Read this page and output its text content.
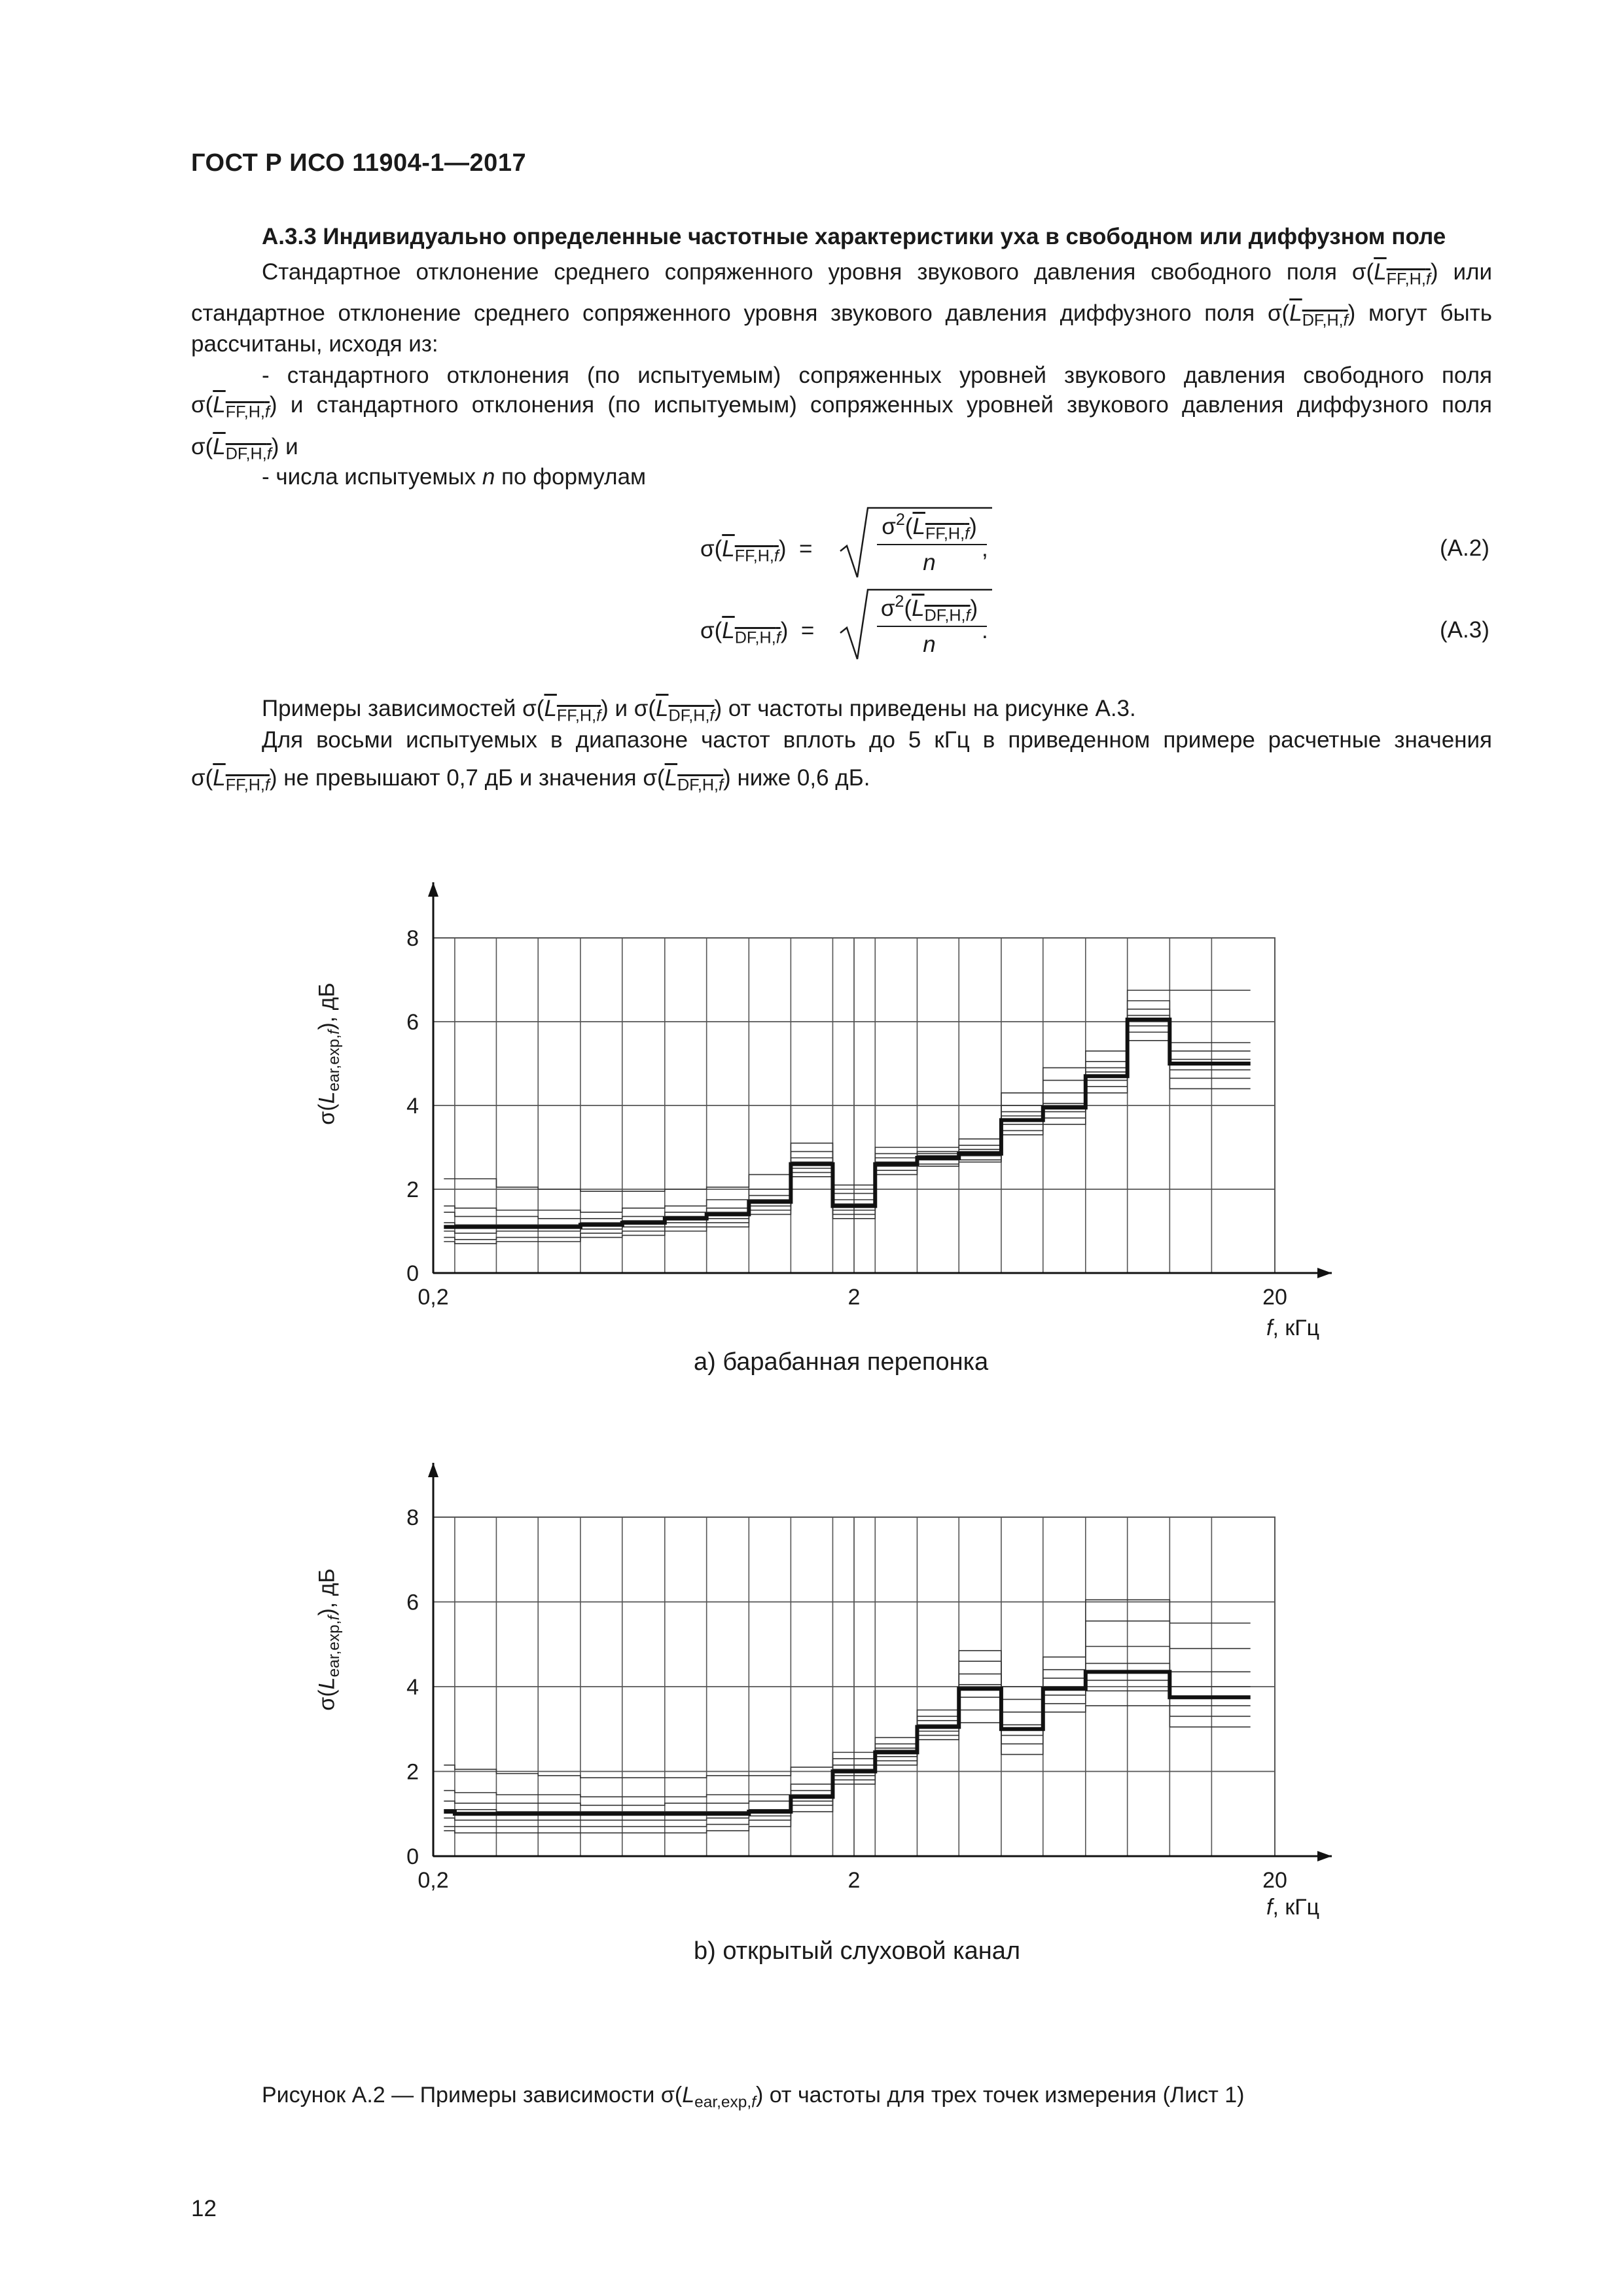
ГОСТ Р ИСО 11904-1—2017
А.3.3 Индивидуально определенные частотные характеристики уха в свободном или диффузном поле
Стандартное отклонение среднего сопряженного уровня звукового давления свободного поля $\sigma(L_{FF,H,f})$ или
стандартное отклонение среднего сопряженного уровня звукового давления диффузного поля $\sigma(L_{DF,H,f})$ могут быть
рассчитаны, исходя из:
- стандартного отклонения (по испытуемым) сопряженных уровней звукового давления свободного поля
$\sigma(L_{FF,H,f})$ и стандартного отклонения (по испытуемым) сопряженных уровней звукового давления диффузного поля
$\sigma(L_{DF,H,f})$ и
- числа испытуемых n по формулам
$\sigma(L_{FF,H,f})$ =
$\sigma^2(L_{FF,H,f})$
n
,	(А.2)
$\sigma(L_{DF,H,f})$ =
$\sigma^2(L_{DF,H,f})$
n
.	(А.3)
Примеры зависимостей $\sigma(L_{FF,H,f})$ и $\sigma(L_{DF,H,f})$ от частоты приведены на рисунке А.3.
Для восьми испытуемых в диапазоне частот вплоть до 5 кГц в приведенном примере расчетные значения
$\sigma(L_{FF,H,f})$ не превышают 0,7 дБ и значения $\sigma(L_{DF,H,f})$ ниже 0,6 дБ.
0
2
4
6
8
0,2	2	20
0
2
4
6
8
0,2	2	20
$\sigma(L_{ear,exp,f})$, дБ
f, кГц
а) барабанная перепонка
$\sigma(L_{ear,exp,f})$, дБ
f, кГц
b) открытый слуховой канал
Рисунок А.2 — Примеры зависимости $\sigma(L_{ear,exp,f})$ от частоты для трех точек измерения (Лист 1)
12
